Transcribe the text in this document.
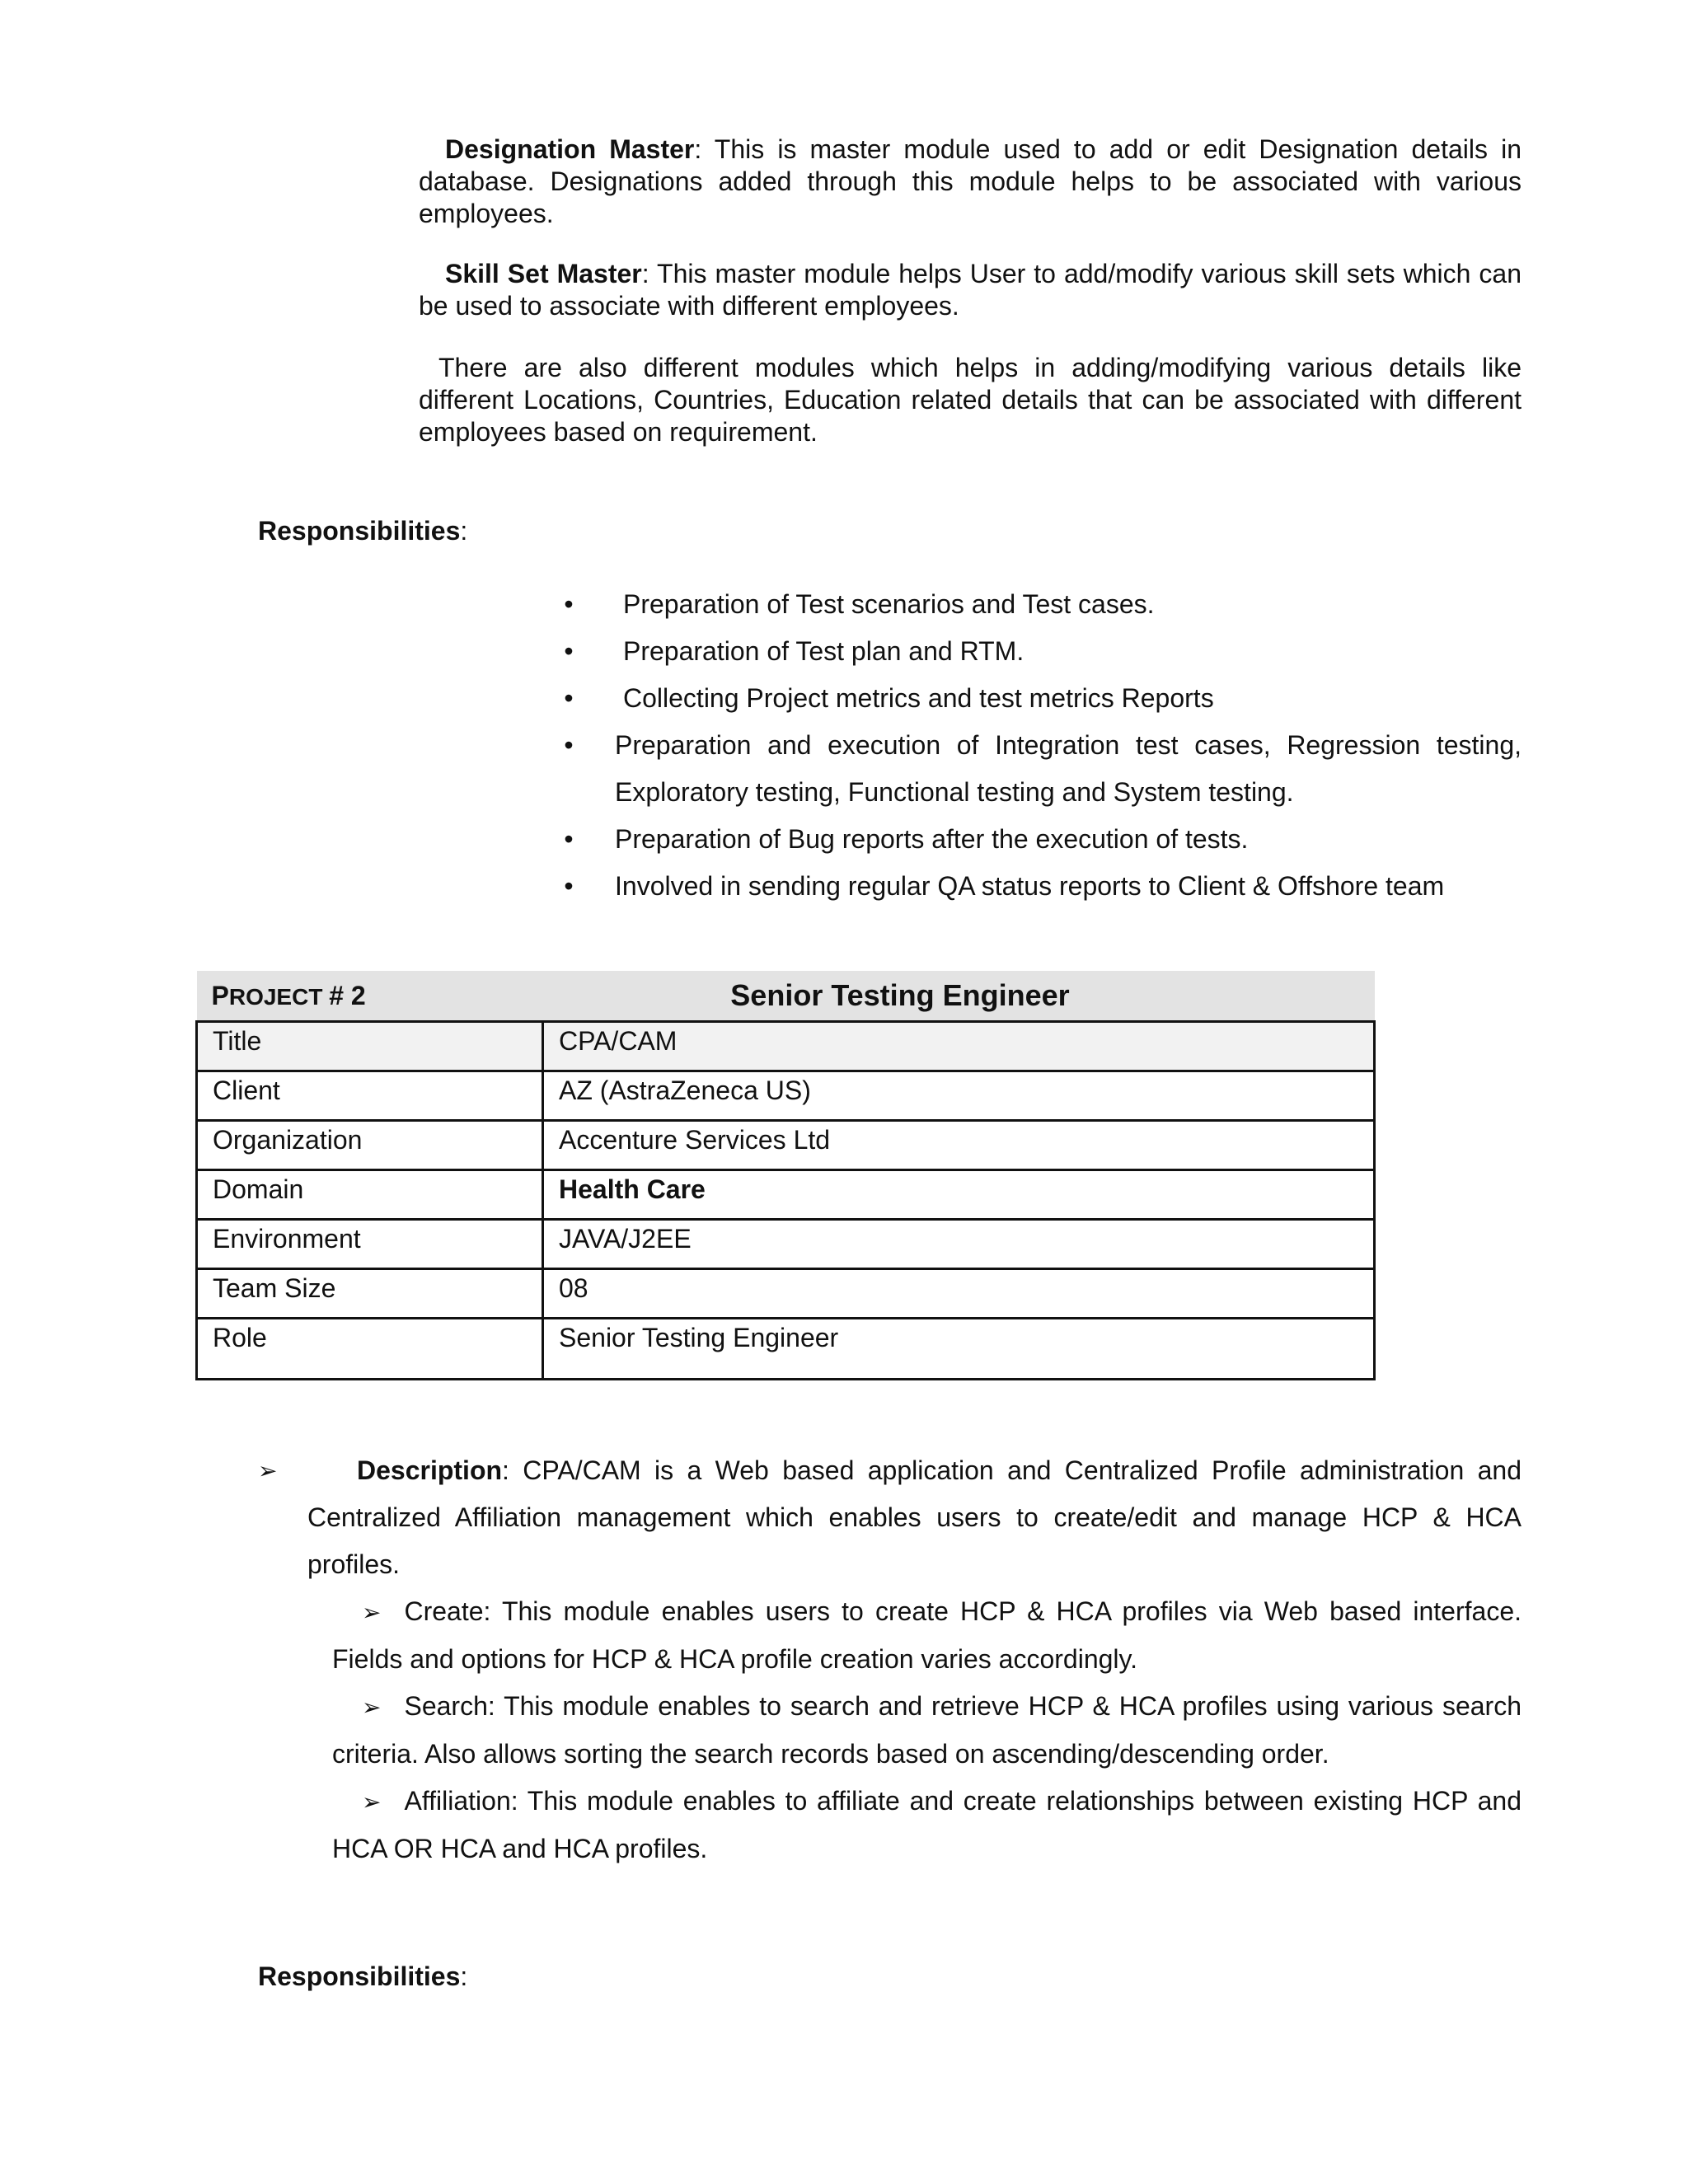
Designation Master: This is master module used to add or edit Designation details in database. Designations added through this module helps to be associated with various employees.

Skill Set Master: This master module helps User to add/modify various skill sets which can be used to associate with different employees.

There are also different modules which helps in adding/modifying various details like different Locations, Countries, Education related details that can be associated with different employees based on requirement.

Responsibilities:

• Preparation of Test scenarios and Test cases.
• Preparation of Test plan and RTM.
• Collecting Project metrics and test metrics Reports
• Preparation and execution of Integration test cases, Regression testing, Exploratory testing, Functional testing and System testing.
• Preparation of Bug reports after the execution of tests.
• Involved in sending regular QA status reports to Client & Offshore team
PROJECT # 2	Senior Testing Engineer
Title	CPA/CAM
Client	AZ (AstraZeneca US)
Organization	Accenture Services Ltd
Domain	Health Care
Environment	JAVA/J2EE
Team Size	08
Role	Senior Testing Engineer
➢	Description: CPA/CAM is a Web based application and Centralized Profile administration and Centralized Affiliation management which enables users to create/edit and manage HCP & HCA profiles.
➢ Create: This module enables users to create HCP & HCA profiles via Web based interface. Fields and options for HCP & HCA profile creation varies accordingly.
➢ Search: This module enables to search and retrieve HCP & HCA profiles using various search criteria. Also allows sorting the search records based on ascending/descending order.
➢ Affiliation: This module enables to affiliate and create relationships between existing HCP and HCA OR HCA and HCA profiles.

Responsibilities:
